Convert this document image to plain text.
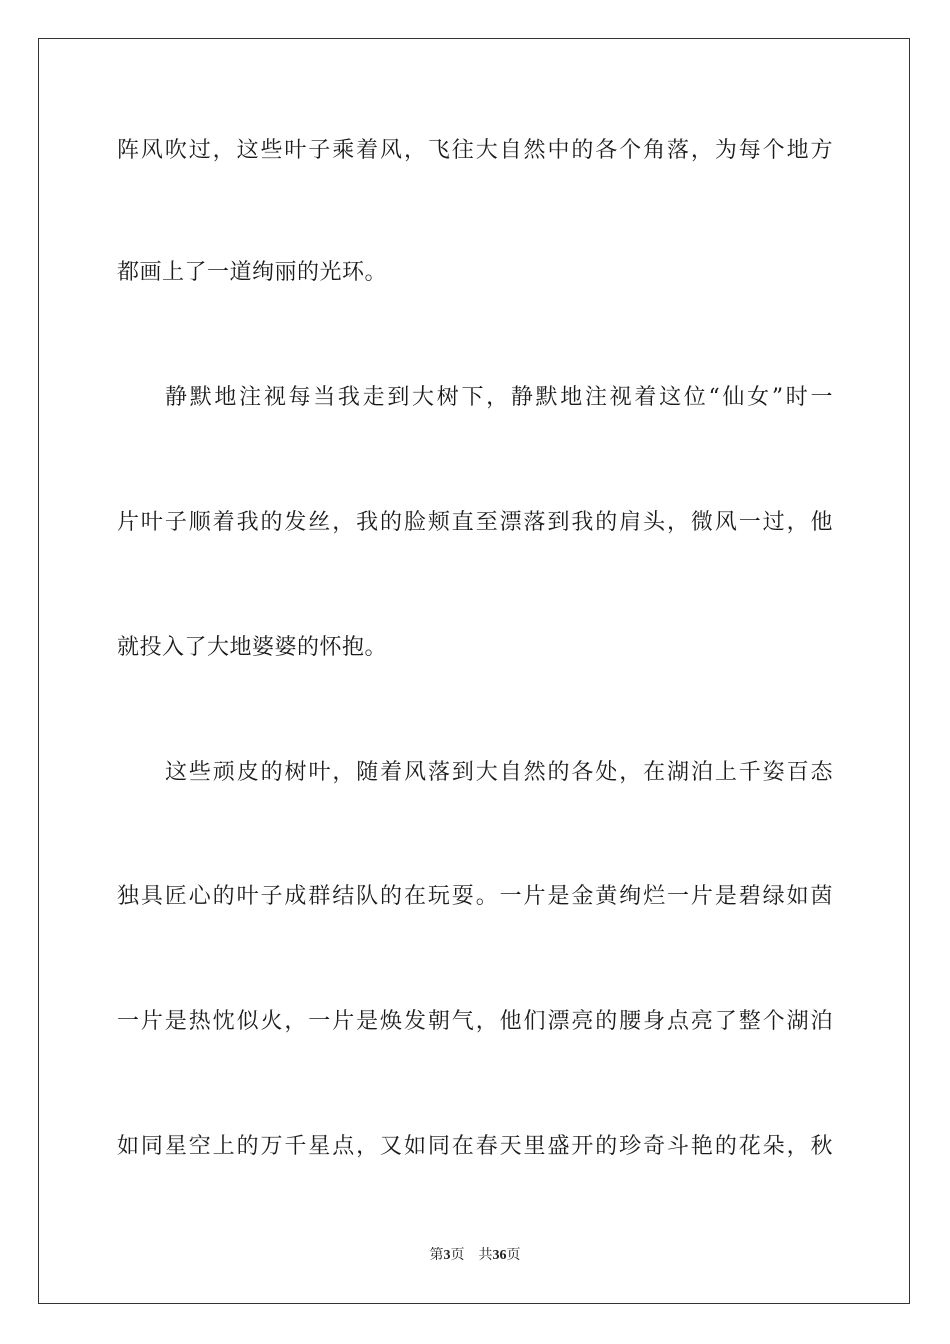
阵风吹过，这些叶子乘着风，飞往大自然中的各个角落，为每个地方
都画上了一道绚丽的光环。
静默地注视每当我走到大树下，静默地注视着这位“仙女”时一
片叶子顺着我的发丝，我的脸颊直至漂落到我的肩头，微风一过，他
就投入了大地婆婆的怀抱。
这些顽皮的树叶，随着风落到大自然的各处，在湖泊上千姿百态
独具匠心的叶子成群结队的在玩耍。一片是金黄绚烂一片是碧绿如茵
一片是热忱似火，一片是焕发朝气，他们漂亮的腰身点亮了整个湖泊
如同星空上的万千星点，又如同在春天里盛开的珍奇斗艳的花朵，秋
第3页 共36页
